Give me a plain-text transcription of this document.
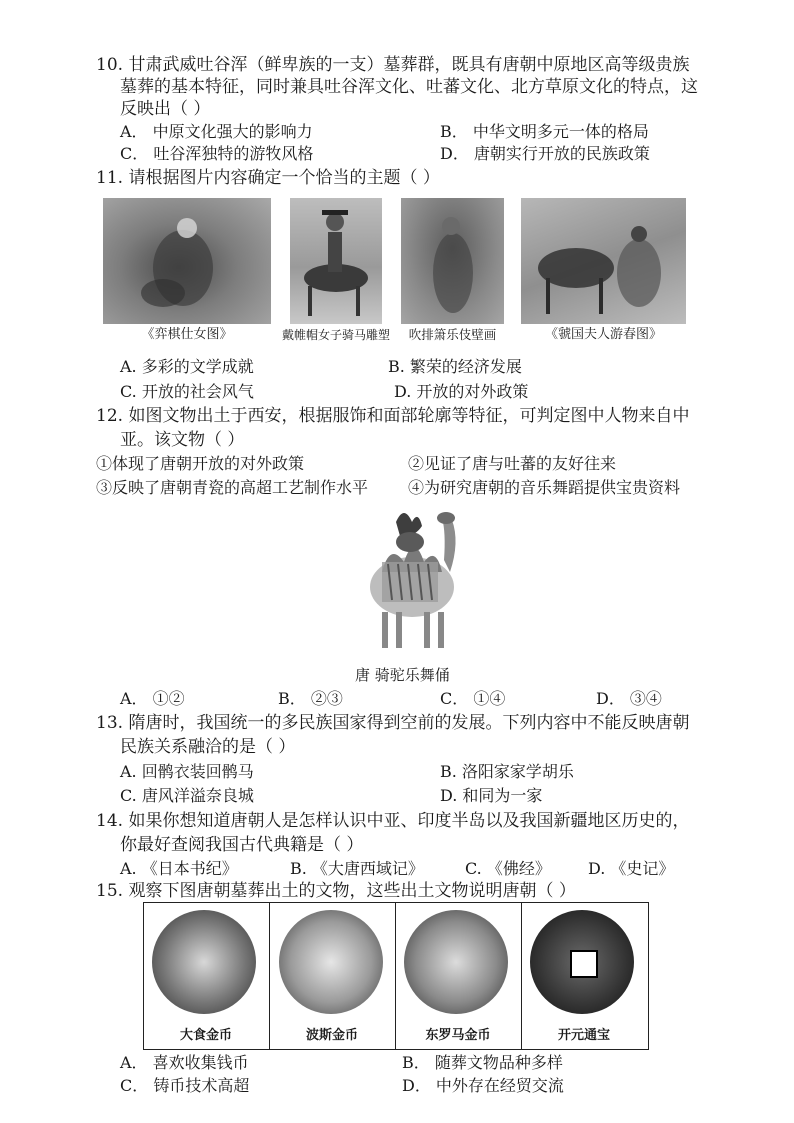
10. 甘肃武威吐谷浑（鲜卑族的一支）墓葬群，既具有唐朝中原地区高等级贵族
墓葬的基本特征，同时兼具吐谷浑文化、吐蕃文化、北方草原文化的特点，这
反映出（ ）
A． 中原文化强大的影响力	B． 中华文明多元一体的格局
C． 吐谷浑独特的游牧风格	D． 唐朝实行开放的民族政策
11. 请根据图片内容确定一个恰当的主题（ ）
《弈棋仕女图》	戴帷帽女子骑马雕塑	吹排箫乐伎壁画	《虢国夫人游春图》
A. 多彩的文学成就	B. 繁荣的经济发展
C. 开放的社会风气	D. 开放的对外政策
12. 如图文物出土于西安，根据服饰和面部轮廓等特征，可判定图中人物来自中
亚。该文物（ ）
①体现了唐朝开放的对外政策	②见证了唐与吐蕃的友好往来
③反映了唐朝青瓷的高超工艺制作水平 ④为研究唐朝的音乐舞蹈提供宝贵资料
唐 骑驼乐舞俑
A． ①②	B． ②③	C． ①④	D． ③④
13. 隋唐时，我国统一的多民族国家得到空前的发展。下列内容中不能反映唐朝
民族关系融洽的是（ ）
A. 回鹘衣装回鹘马	B. 洛阳家家学胡乐
C. 唐风洋溢奈良城	D. 和同为一家
14. 如果你想知道唐朝人是怎样认识中亚、印度半岛以及我国新疆地区历史的，
你最好查阅我国古代典籍是（ ）
A. 《日本书纪》	B. 《大唐西域记》	C. 《佛经》 D. 《史记》
15. 观察下图唐朝墓葬出土的文物，这些出土文物说明唐朝（ ）
大食金币	波斯金币	东罗马金币	开元通宝
A． 喜欢收集钱币	B． 随葬文物品种多样
C． 铸币技术高超	D． 中外存在经贸交流
